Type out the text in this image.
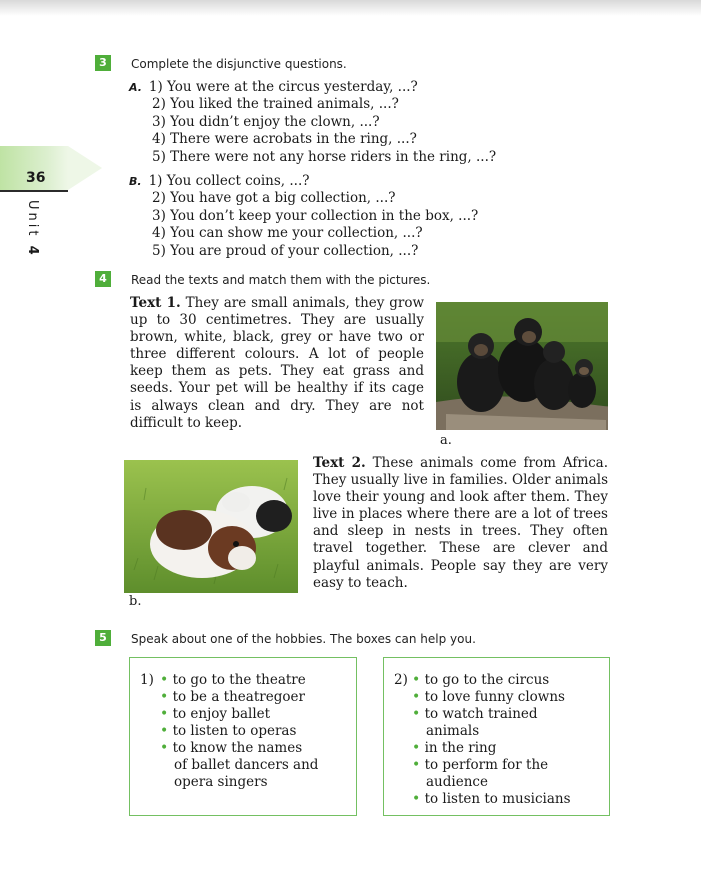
36
Unit 4
3	Complete the disjunctive questions.
A. 1) You were at the circus yesterday, ...?
2) You liked the trained animals, ...?
3) You didn’t enjoy the clown, ...?
4) There were acrobats in the ring, ...?
5) There were not any horse riders in the ring, ...?
B. 1) You collect coins, ...?
2) You have got a big collection, ...?
3) You don’t keep your collection in the box, ...?
4) You can show me your collection, ...?
5) You are proud of your collection, ...?
4	Read the texts and match them with the pictures.
Text 1. They are small animals, they grow up to 30 centimetres. They are usually brown, white, black, grey or have two or three different colours. A lot of people keep them as pets. They eat grass and seeds. Your pet will be healthy if its cage is always clean and dry. They are not difficult to keep.
a.
b.
Text 2. These animals come from Africa. They usually live in families. Older animals love their young and look after them. They live in places where there are a lot of trees and sleep in nests in trees. They often travel together. These are clever and playful animals. People say they are very easy to teach.
5	Speak about one of the hobbies. The boxes can help you.
1) • to go to the theatre
• to be a theatregoer
• to enjoy ballet
• to listen to operas
• to know the names
of ballet dancers and
opera singers
2) • to go to the circus
• to love funny clowns
• to watch trained
animals
• in the ring
• to perform for the
audience
• to listen to musicians
